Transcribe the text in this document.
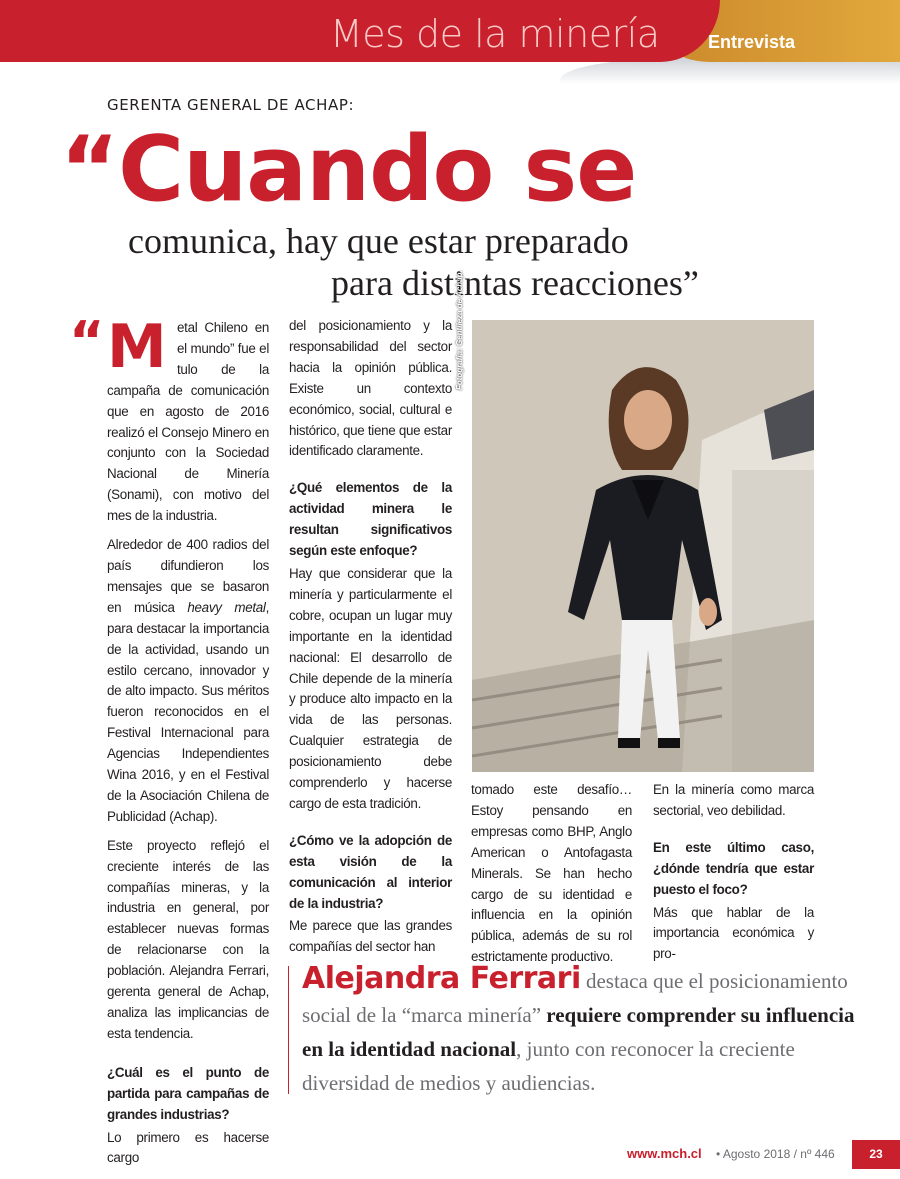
Mes de la minería	Entrevista
GERENTA GENERAL DE ACHAP:
“Cuando se
comunica, hay que estar preparado
para distintas reacciones”

“ M etal Chileno en el mundo” fue el tulo de la campaña de comunicación que en agosto de 2016 realizó el Consejo Minero en conjunto con la Sociedad Nacional de Minería (Sonami), con motivo del mes de la industria.

Alrededor de 400 radios del país difundieron los mensajes que se basaron en música heavy metal, para destacar la importancia de la actividad, usando un estilo cercano, innovador y de alto impacto. Sus méritos fueron reconocidos en el Festival Internacional para Agencias Independientes Wina 2016, y en el Festival de la Asociación Chilena de Publicidad (Achap).

Este proyecto reflejó el creciente interés de las compañías mineras, y la industria en general, por establecer nuevas formas de relacionarse con la población. Alejandra Ferrari, gerenta general de Achap, analiza las implicancias de esta tendencia.

¿Cuál es el punto de partida para campañas de grandes industrias?

Lo primero es hacerse cargo

del posicionamiento y la responsabilidad del sector hacia la opinión pública. Existe un contexto económico, social, cultural e histórico, que tiene que estar identificado claramente.

¿Qué elementos de la actividad minera le resultan significativos según este enfoque?

Hay que considerar que la minería y particularmente el cobre, ocupan un lugar muy importante en la identidad nacional: El desarrollo de Chile depende de la minería y produce alto impacto en la vida de las personas. Cualquier estrategia de posicionamiento debe comprenderlo y hacerse cargo de esta tradición.

¿Cómo ve la adopción de esta visión de la comunicación al interior de la industria?

Me parece que las grandes compañías del sector han

Fotografía: Gentileza de Achap.

tomado este desafío… Estoy pensando en empresas como BHP, Anglo American o Antofagasta Minerals. Se han hecho cargo de su identidad e influencia en la opinión pública, además de su rol estrictamente productivo.

En la minería como marca sectorial, veo debilidad.

En este último caso, ¿dónde tendría que estar puesto el foco?

Más que hablar de la importancia económica y pro-

Alejandra Ferrari destaca que el posicionamiento social de la “marca minería” requiere comprender su influencia en la identidad nacional, junto con reconocer la creciente diversidad de medios y audiencias.
www.mch.cl • Agosto 2018 / nº 446	23
